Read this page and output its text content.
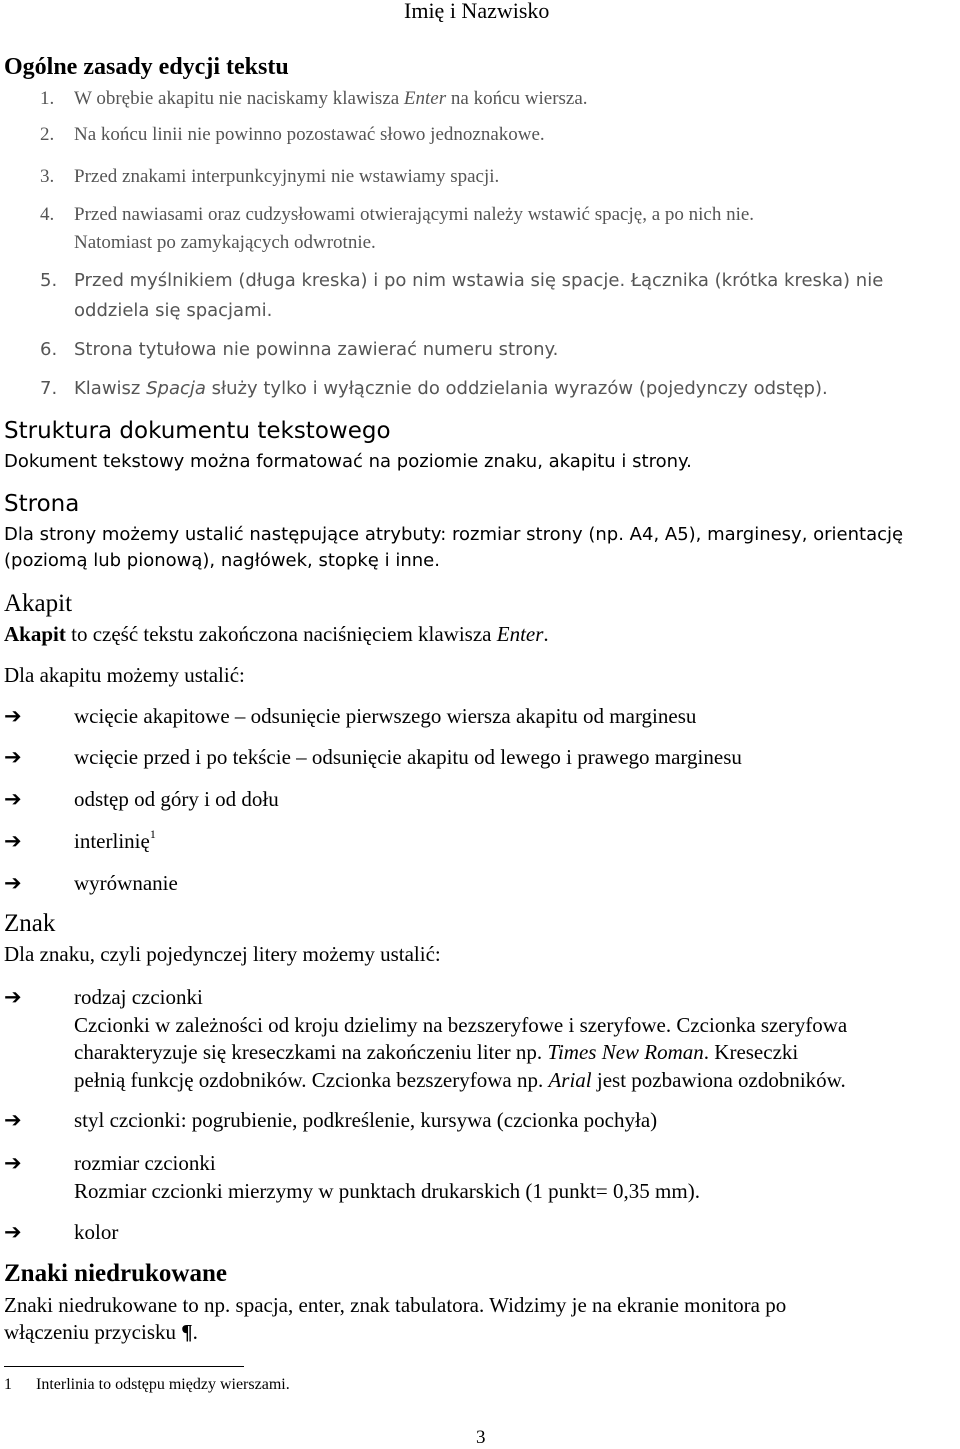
Imię i Nazwisko
Ogólne zasady edycji tekstu
1. W obrębie akapitu nie naciskamy klawisza Enter na końcu wiersza.
2. Na końcu linii nie powinno pozostawać słowo jednoznakowe.
3. Przed znakami interpunkcyjnymi nie wstawiamy spacji.
4. Przed nawiasami oraz cudzysłowami otwierającymi należy wstawić spację, a po nich nie.
Natomiast po zamykających odwrotnie.
5. Przed myślnikiem (długa kreska) i po nim wstawia się spacje. Łącznika (krótka kreska) nie
oddziela się spacjami.
6. Strona tytułowa nie powinna zawierać numeru strony.
7. Klawisz Spacja służy tylko i wyłącznie do oddzielania wyrazów (pojedynczy odstęp).
Struktura dokumentu tekstowego
Dokument tekstowy można formatować na poziomie znaku, akapitu i strony.
Strona
Dla strony możemy ustalić następujące atrybuty: rozmiar strony (np. A4, A5), marginesy, orientację
(poziomą lub pionową), nagłówek, stopkę i inne.
Akapit
Akapit to część tekstu zakończona naciśnięciem klawisza Enter.
Dla akapitu możemy ustalić:
➔ wcięcie akapitowe – odsunięcie pierwszego wiersza akapitu od marginesu
➔ wcięcie przed i po tekście – odsunięcie akapitu od lewego i prawego marginesu
➔ odstęp od góry i od dołu
➔ interlinię$^1$
➔ wyrównanie
Znak
Dla znaku, czyli pojedynczej litery możemy ustalić:
➔ rodzaj czcionki
Czcionki w zależności od kroju dzielimy na bezszeryfowe i szeryfowe. Czcionka szeryfowa
charakteryzuje się kreseczkami na zakończeniu liter np. Times New Roman. Kreseczki
pełnią funkcję ozdobników. Czcionka bezszeryfowa np. Arial jest pozbawiona ozdobników.
➔ styl czcionki: pogrubienie, podkreślenie, kursywa (czcionka pochyła)
➔ rozmiar czcionki
Rozmiar czcionki mierzymy w punktach drukarskich (1 punkt= 0,35 mm).
➔ kolor
Znaki niedrukowane
Znaki niedrukowane to np. spacja, enter, znak tabulatora. Widzimy je na ekranie monitora po
włączeniu przycisku ¶.
1 Interlinia to odstępu między wierszami.
3
